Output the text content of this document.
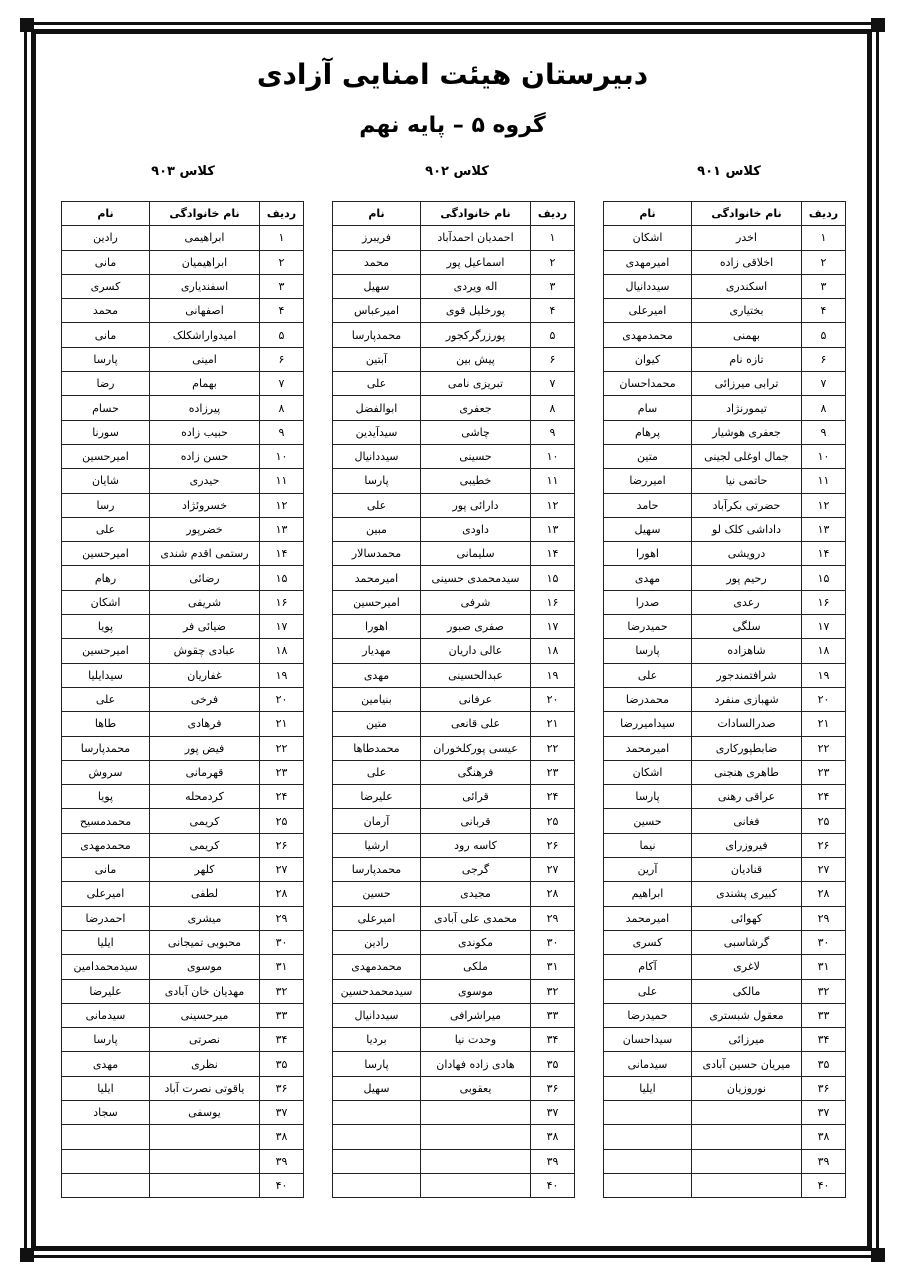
دبیرستان هیئت امنایی آزادی
گروه ۵ – پایه نهم
کلاس ۹۰۱
کلاس ۹۰۲
کلاس ۹۰۳
ردیف	نام خانوادگی	نام
۱	اخدر	اشکان
۲	اخلاقی زاده	امیرمهدی
۳	اسکندری	سیددانیال
۴	بختیاری	امیرعلی
۵	بهمنی	محمدمهدی
۶	تازه نام	کیوان
۷	ترابی میرزائی	محمداحسان
۸	تیمورنژاد	سام
۹	جعفری هوشیار	پرهام
۱۰	جمال اوغلی لجینی	متین
۱۱	حاتمی نیا	امیررضا
۱۲	حضرتی بکرآباد	حامد
۱۳	داداشی کلک لو	سهیل
۱۴	درویشی	اهورا
۱۵	رحیم پور	مهدی
۱۶	رعدی	صدرا
۱۷	سلگی	حمیدرضا
۱۸	شاهزاده	پارسا
۱۹	شرافتمندجور	علی
۲۰	شهبازی منفرد	محمدرضا
۲۱	صدرالسادات	سیدامیررضا
۲۲	ضابطپورکاری	امیرمحمد
۲۳	طاهری هنجنی	اشکان
۲۴	عراقی رهنی	پارسا
۲۵	فغانی	حسین
۲۶	فیروزرای	نیما
۲۷	قنادیان	آرین
۲۸	کبیری پشندی	ابراهیم
۲۹	کهوائی	امیرمحمد
۳۰	گرشاسبی	کسری
۳۱	لاغری	آکام
۳۲	مالکی	علی
۳۳	معقول شبستری	حمیدرضا
۳۴	میرزائی	سیداحسان
۳۵	میریان حسین آبادی	سیدمانی
۳۶	نوروزیان	ایلیا
۳۷		
۳۸		
۳۹		
۴۰		
ردیف	نام خانوادگی	نام
۱	احمدیان احمدآباد	فریبرز
۲	اسماعیل پور	محمد
۳	اله ویردی	سهیل
۴	پورخلیل قوی	امیرعباس
۵	پورزرگرکجور	محمدپارسا
۶	پیش بین	آبتین
۷	تبریزی نامی	علی
۸	جعفری	ابوالفضل
۹	چاشی	سیدآیدین
۱۰	حسینی	سیددانیال
۱۱	خطیبی	پارسا
۱۲	دارائی پور	علی
۱۳	داودی	مبین
۱۴	سلیمانی	محمدسالار
۱۵	سیدمحمدی حسینی	امیرمحمد
۱۶	شرفی	امیرحسین
۱۷	صفری صبور	اهورا
۱۸	عالی داریان	مهدیار
۱۹	عبدالحسینی	مهدی
۲۰	عرفانی	بنیامین
۲۱	علی قانعی	متین
۲۲	عیسی پورکلخوران	محمدطاها
۲۳	فرهنگی	علی
۲۴	قرائی	علیرضا
۲۵	قربانی	آرمان
۲۶	کاسه رود	ارشیا
۲۷	گرجی	محمدپارسا
۲۸	مجیدی	حسین
۲۹	محمدی علی آبادی	امیرعلی
۳۰	مکوندی	رادین
۳۱	ملکی	محمدمهدی
۳۲	موسوی	سیدمحمدحسین
۳۳	میراشرافی	سیددانیال
۳۴	وحدت نیا	بردیا
۳۵	هادی زاده فهادان	پارسا
۳۶	یعقوبی	سهیل
۳۷		
۳۸		
۳۹		
۴۰		
ردیف	نام خانوادگی	نام
۱	ابراهیمی	رادین
۲	ابراهیمیان	مانی
۳	اسفندیاری	کسری
۴	اصفهانی	محمد
۵	امیدواراشکلک	مانی
۶	امینی	پارسا
۷	بهمام	رضا
۸	پیرزاده	حسام
۹	حبیب زاده	سورنا
۱۰	حسن زاده	امیرحسین
۱۱	حیدری	شایان
۱۲	خسروئژاد	رسا
۱۳	خضرپور	علی
۱۴	رستمی اقدم شندی	امیرحسین
۱۵	رضائی	رهام
۱۶	شریفی	اشکان
۱۷	ضیائی فر	پویا
۱۸	عبادی چقوش	امیرحسین
۱۹	غفاریان	سیدایلیا
۲۰	فرخی	علی
۲۱	فرهادی	طاها
۲۲	فیض پور	محمدپارسا
۲۳	قهرمانی	سروش
۲۴	کردمحله	پویا
۲۵	کریمی	محمدمسیح
۲۶	کریمی	محمدمهدی
۲۷	کلهر	مانی
۲۸	لطفی	امیرعلی
۲۹	میشری	احمدرضا
۳۰	محبوبی تمیجانی	ایلیا
۳۱	موسوی	سیدمحمدامین
۳۲	مهدیان خان آبادی	علیرضا
۳۳	میرحسینی	سیدمانی
۳۴	نصرتی	پارسا
۳۵	نظری	مهدی
۳۶	یاقوتی نصرت آباد	ایلیا
۳۷	یوسفی	سجاد
۳۸		
۳۹		
۴۰		
